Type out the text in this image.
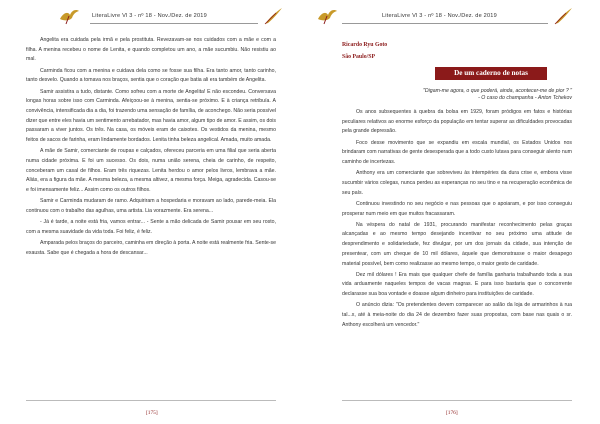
LiteraLivre Vl 3 - nº 18 - Nov./Dez. de 2019

Angelita era cuidada pela irmã e pela prostituta. Revezavam-se nos cuidados com a mãe e com a filha. A menina recebeu o nome de Lenita, e quando completou um ano, a mãe sucumbiu. Não resistiu ao mal.

Carminda ficou com a menina e cuidava dela como se fosse sua filha. Era tanto amor, tanto carinho, tanto desvelo. Quando a tomava nos braços, sentia que o coração que batia ali era também de Angelita.

Samir assistira a tudo, distante. Como sofreu com a morte de Angelita! E não escondeu. Conversava longas horas sobre isso com Carminda. Afeiçoou-se à menina, sentia-se próximo. E à criança retribuía. A convivência, intensificada dia a dia, foi trazendo uma sensação de família, de aconchego. Não seria possível dizer que entre eles havia um sentimento arrebatador, mas havia amor, algum tipo de amor. E assim, os dois passaram a viver juntos. Os três. Na casa, os móveis eram de caixotes. Os vestidos da menina, mesmo feitos de sacos de farinha, eram lindamente bordados. Lenita tinha beleza angelical. Amada, muito amada.

A mãe de Samir, comerciante de roupas e calçados, ofereceu parceria em uma filial que seria aberta numa cidade próxima. E foi um sucesso. Os dois, numa união serena, cheia de carinho, de respeito, conceberam um casal de filhos. Eram três riquezas. Lenita herdou o amor pelos livros, lembrava a mãe. Aliás, era a figura da mãe. A mesma beleza, a mesma altivez, a mesma força. Meiga, agradecida. Casou-se e foi imensamente feliz... Assim como os outros filhos.

Samir e Carminda mudaram de ramo. Adquiriram a hospedaria e moravam ao lado, parede-meia. Ela continuou com o trabalho das agulhas, uma artista. Lia vorazmente. Era serena...

- Já é tarde, a noite está fria, vamos entrar... - Sente a mão delicada de Samir pousar em seu rosto, com a mesma suavidade da vida toda. Foi feliz, é feliz.

Amparada pelos braços do parceiro, caminha em direção à porta. A noite está realmente fria. Sente-se exausta. Sabe que é chegada a hora de descansar...

[175]
LiteraLivre Vl 3 - nº 18 - Nov./Dez. de 2019
Ricardo Ryu Goto
São Paulo/SP
De um caderno de notas
"Digam-me agora, o que poderá, ainda, acontecer-me de pior ? " - O caso do champanha - Anton Tchekov

Os anos subsequentes à quebra da bolsa em 1929, foram pródigos em fatos e histórias peculiares relativos ao enorme esforço da população em tentar superar as dificuldades provocadas pela grande depressão.

Foco desse movimento que se expandiu em escala mundial, os Estados Unidos nos brindaram com narrativas de gente desesperada que a todo custo lutava para conseguir alento num caminho de incertezas.

Anthony era um comerciante que sobreviveu às intempéries da dura crise e, embora visse sucumbir vários colegas, nunca perdeu as esperanças no seu tino e na recuperação econômica de seu país.

Continuou investindo no seu negócio e nas pessoas que o apoiaram, e por isso conseguiu prosperar num meio em que muitos fracassaram.

Na véspera do natal de 1931, procurando manifestar reconhecimento pelas graças alcançadas e ao mesmo tempo desejando incentivar no seu próximo uma atitude de desprendimento e solidariedade, fez divulgar, por um dos jornais da cidade, sua intenção de presentear, com um cheque de 10 mil dólares, àquele que demonstrasse o maior desapego material possível, bem como realizasse ao mesmo tempo, o maior gesto de caridade.

Dez mil dólares ! Era mais que qualquer chefe de família ganharia trabalhando toda a sua vida arduamente naqueles tempos de vacas magras. E para isso bastaria que o concorrente declarasse sua boa vontade e doasse algum dinheiro para instituições de caridade.

O anúncio dizia: "Os pretendentes devem comparecer ao salão da loja de armarinhos à rua tal...x, até à meia-noite do dia 24 de dezembro fazer suas propostas, com base nas quais o sr. Anthony escolherá um vencedor."

[176]
